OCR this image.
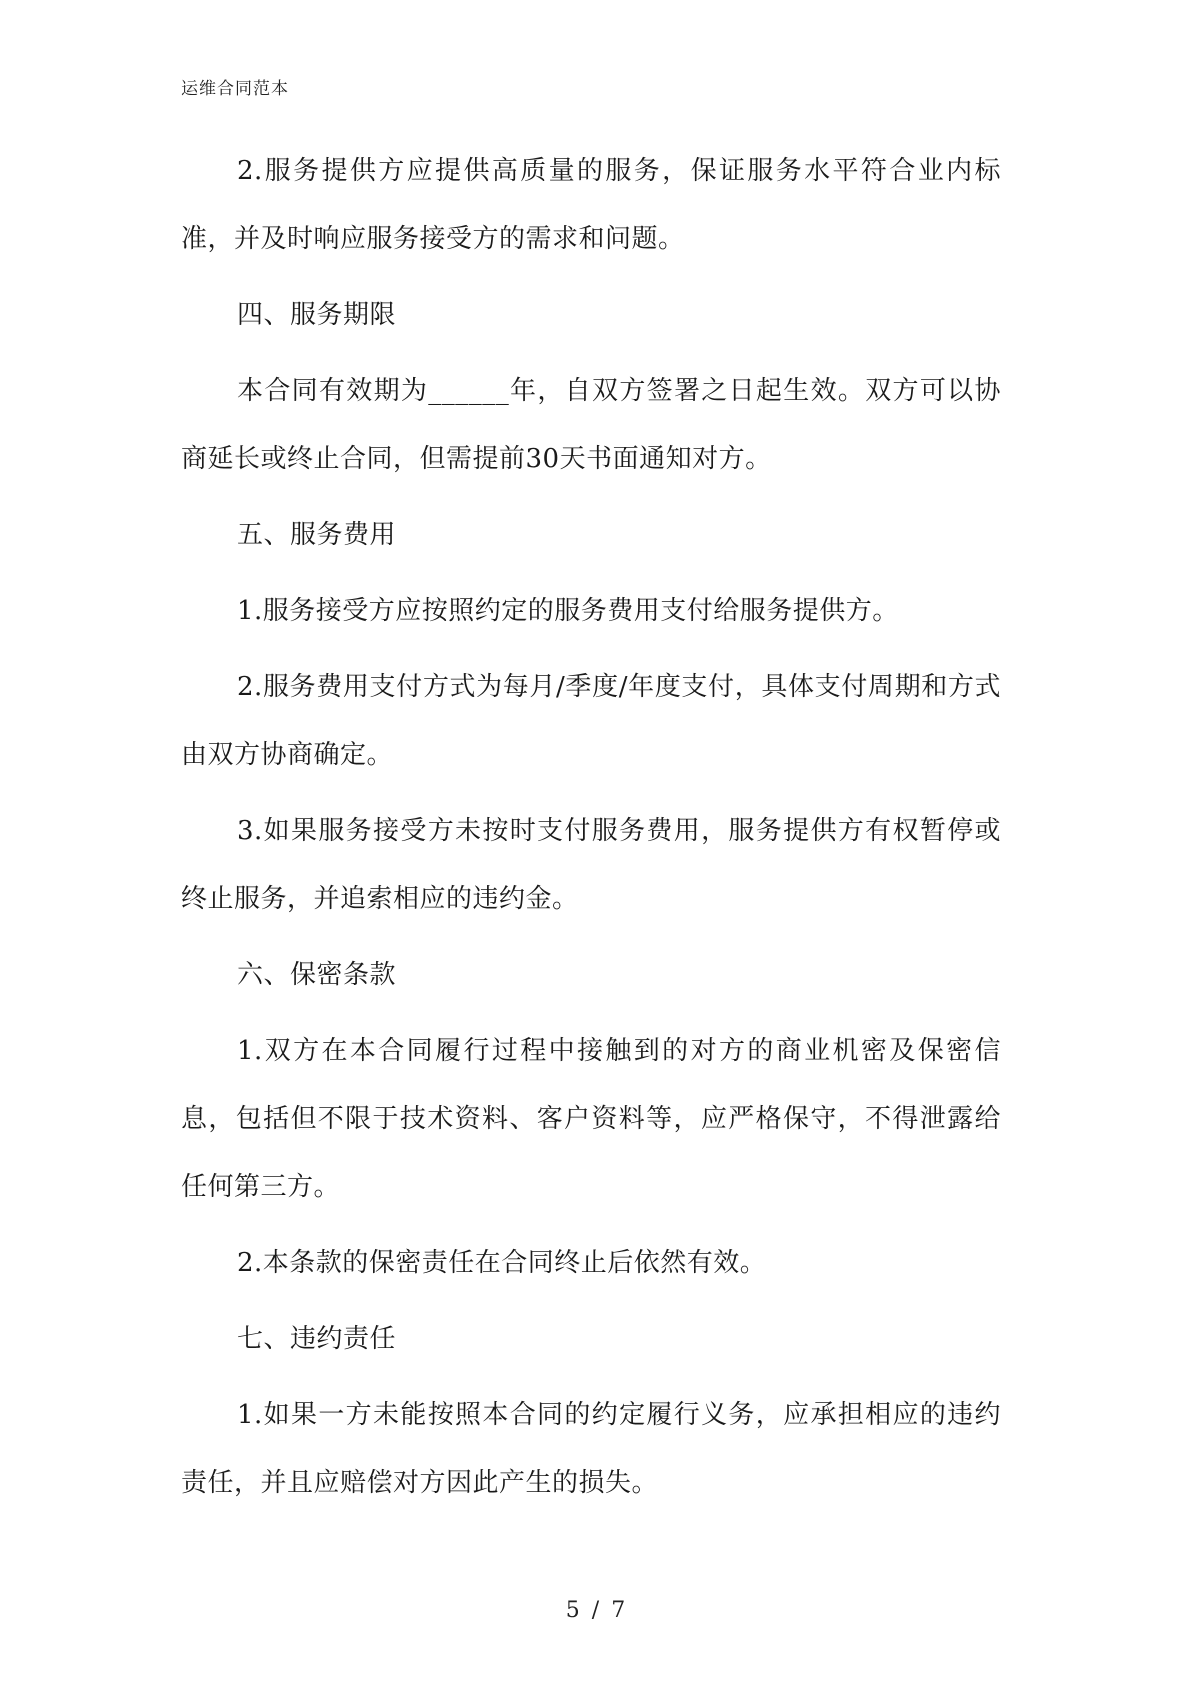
运维合同范本

2.服务提供方应提供高质量的服务，保证服务水平符合业内标准，并及时响应服务接受方的需求和问题。

四、服务期限

本合同有效期为______年，自双方签署之日起生效。双方可以协商延长或终止合同，但需提前30天书面通知对方。

五、服务费用

1.服务接受方应按照约定的服务费用支付给服务提供方。

2.服务费用支付方式为每月/季度/年度支付，具体支付周期和方式由双方协商确定。

3.如果服务接受方未按时支付服务费用，服务提供方有权暂停或终止服务，并追索相应的违约金。

六、保密条款

1.双方在本合同履行过程中接触到的对方的商业机密及保密信息，包括但不限于技术资料、客户资料等，应严格保守，不得泄露给任何第三方。

2.本条款的保密责任在合同终止后依然有效。

七、违约责任

1.如果一方未能按照本合同的约定履行义务，应承担相应的违约责任，并且应赔偿对方因此产生的损失。

5 / 7
